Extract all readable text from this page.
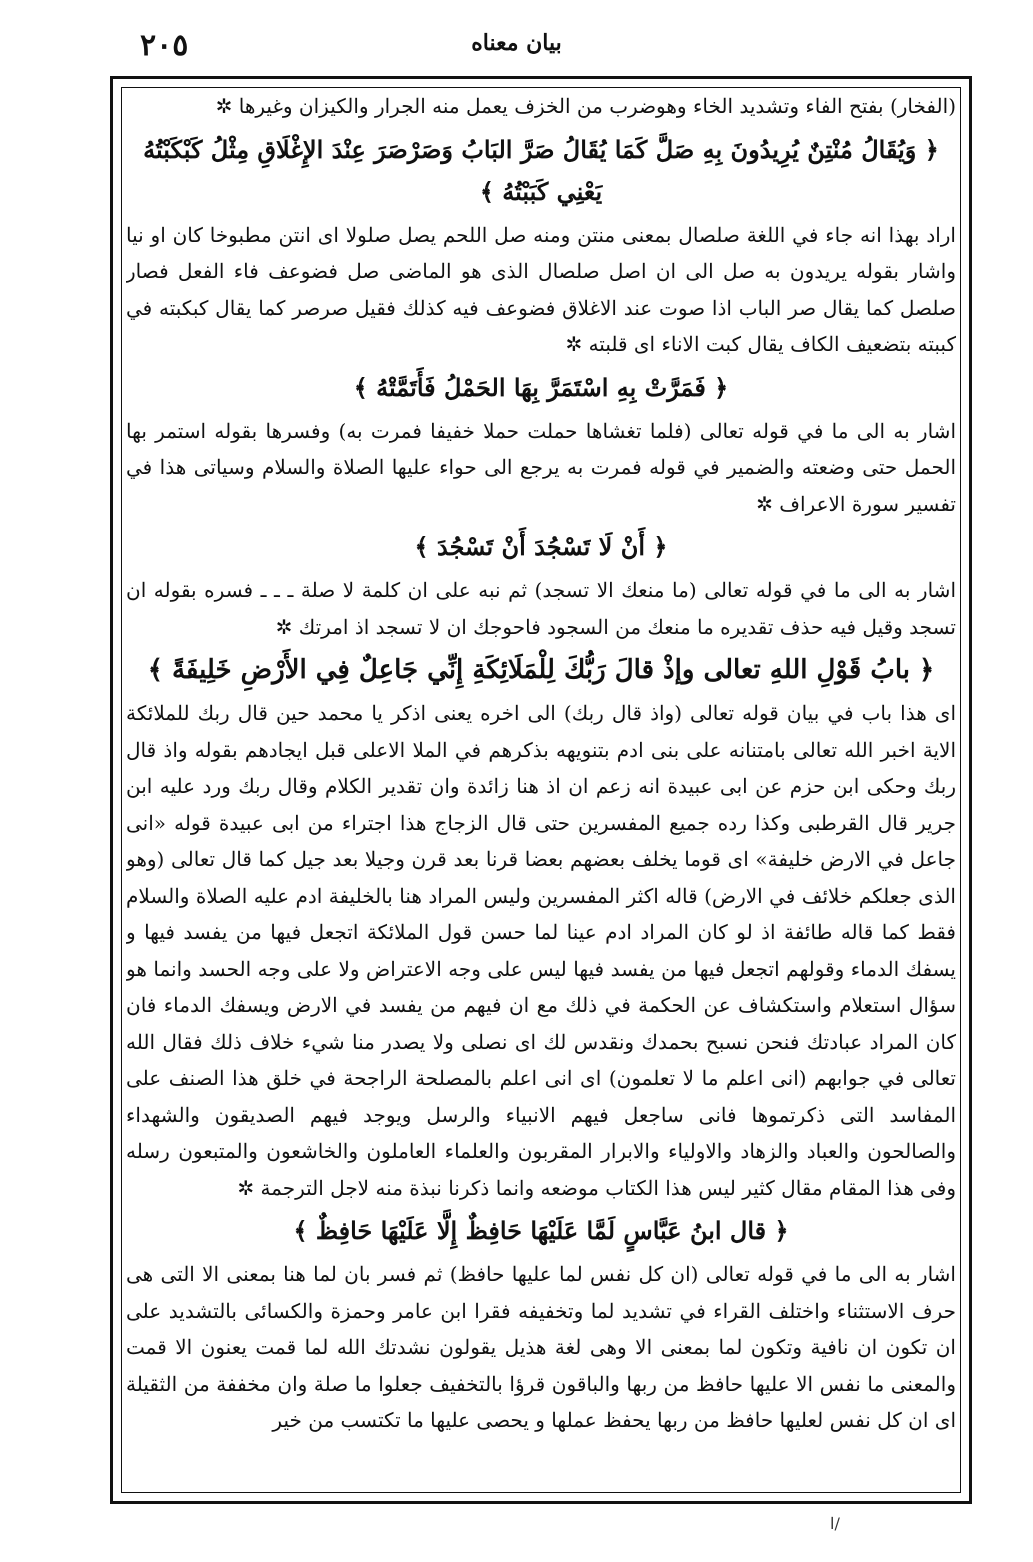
٢٠٥	بیان معناه

(الفخار) بفتح الفاء وتشديد الخاء وهوضرب من الخزف يعمل منه الجرار والكيزان وغيرها ✲

﴿ وَيُقَالُ مُنْتِنٌ يُرِيدُونَ بِهِ صَلَّ كَمَا يُقَالُ صَرَّ البَابُ وَصَرْصَرَ عِنْدَ الإِغْلَاقِ مِثْلُ كَبْكَبْتُهُ يَعْنِي كَبَبْتُهُ ﴾

اراد بهذا انه جاء في اللغة صلصال بمعنى منتن ومنه صل اللحم يصل صلولا اى انتن مطبوخا كان او نيا واشار بقوله يريدون به صل الى ان اصل صلصال الذى هو الماضى صل فضوعف فاء الفعل فصار صلصل كما يقال صر الباب اذا صوت عند الاغلاق فضوعف فيه كذلك فقيل صرصر كما يقال كبكبته في كببته بتضعيف الكاف يقال كبت الاناء اى قلبته ✲

﴿ فَمَرَّتْ بِهِ اسْتَمَرَّ بِهَا الحَمْلُ فَأَتَمَّتْهُ ﴾

اشار به الى ما في قوله تعالى (فلما تغشاها حملت حملا خفيفا فمرت به) وفسرها بقوله استمر بها الحمل حتى وضعته والضمير في قوله فمرت به يرجع الى حواء عليها الصلاة والسلام وسياتى هذا في تفسير سورة الاعراف ✲

﴿ أَنْ لَا تَسْجُدَ أَنْ تَسْجُدَ ﴾

اشار به الى ما في قوله تعالى (ما منعك الا تسجد) ثم نبه على ان كلمة لا صلة ـ ـ ـ فسره بقوله ان تسجد وقيل فيه حذف تقديره ما منعك من السجود فاحوجك ان لا تسجد اذ امرتك ✲

﴿ بابُ قَوْلِ اللهِ تعالى وإذْ قالَ رَبُّكَ لِلْمَلَائِكَةِ إِنِّي جَاعِلٌ فِي الأَرْضِ خَلِيفَةً ﴾

اى هذا باب في بيان قوله تعالى (واذ قال ربك) الى اخره يعنى اذكر يا محمد حين قال ربك للملائكة الاية اخبر الله تعالى بامتنانه على بنى ادم بتنويهه بذكرهم في الملا الاعلى قبل ايجادهم بقوله واذ قال ربك وحكى ابن حزم عن ابى عبيدة انه زعم ان اذ هنا زائدة وان تقدير الكلام وقال ربك ورد عليه ابن جرير قال القرطبى وكذا رده جميع المفسرين حتى قال الزجاج هذا اجتراء من ابى عبيدة قوله «انى جاعل في الارض خليفة» اى قوما يخلف بعضهم بعضا قرنا بعد قرن وجيلا بعد جيل كما قال تعالى (وهو الذى جعلكم خلائف في الارض) قاله اكثر المفسرين وليس المراد هنا بالخليفة ادم عليه الصلاة والسلام فقط كما قاله طائفة اذ لو كان المراد ادم عينا لما حسن قول الملائكة اتجعل فيها من يفسد فيها و يسفك الدماء وقولهم اتجعل فيها من يفسد فيها ليس على وجه الاعتراض ولا على وجه الحسد وانما هو سؤال استعلام واستكشاف عن الحكمة في ذلك مع ان فيهم من يفسد في الارض ويسفك الدماء فان كان المراد عبادتك فنحن نسبح بحمدك ونقدس لك اى نصلى ولا يصدر منا شيء خلاف ذلك فقال الله تعالى في جوابهم (انى اعلم ما لا تعلمون) اى انى اعلم بالمصلحة الراجحة في خلق هذا الصنف على المفاسد التى ذكرتموها فانى ساجعل فيهم الانبياء والرسل ويوجد فيهم الصديقون والشهداء والصالحون والعباد والزهاد والاولياء والابرار المقربون والعلماء العاملون والخاشعون والمتبعون رسله وفى هذا المقام مقال كثير ليس هذا الكتاب موضعه وانما ذكرنا نبذة منه لاجل الترجمة ✲

﴿ قال ابنُ عَبَّاسٍ لَمَّا عَلَيْهَا حَافِظٌ إِلَّا عَلَيْهَا حَافِظٌ ﴾

اشار به الى ما في قوله تعالى (ان كل نفس لما عليها حافظ) ثم فسر بان لما هنا بمعنى الا التى هى حرف الاستثناء واختلف القراء في تشديد لما وتخفيفه فقرا ابن عامر وحمزة والكسائى بالتشديد على ان تكون ان نافية وتكون لما بمعنى الا وهى لغة هذيل يقولون نشدتك الله لما قمت يعنون الا قمت والمعنى ما نفس الا عليها حافظ من ربها والباقون قرؤا بالتخفيف جعلوا ما صلة وان مخففة من الثقيلة اى ان كل نفس لعليها حافظ من ربها يحفظ عملها و يحصى عليها ما تكتسب من خير

ا/
